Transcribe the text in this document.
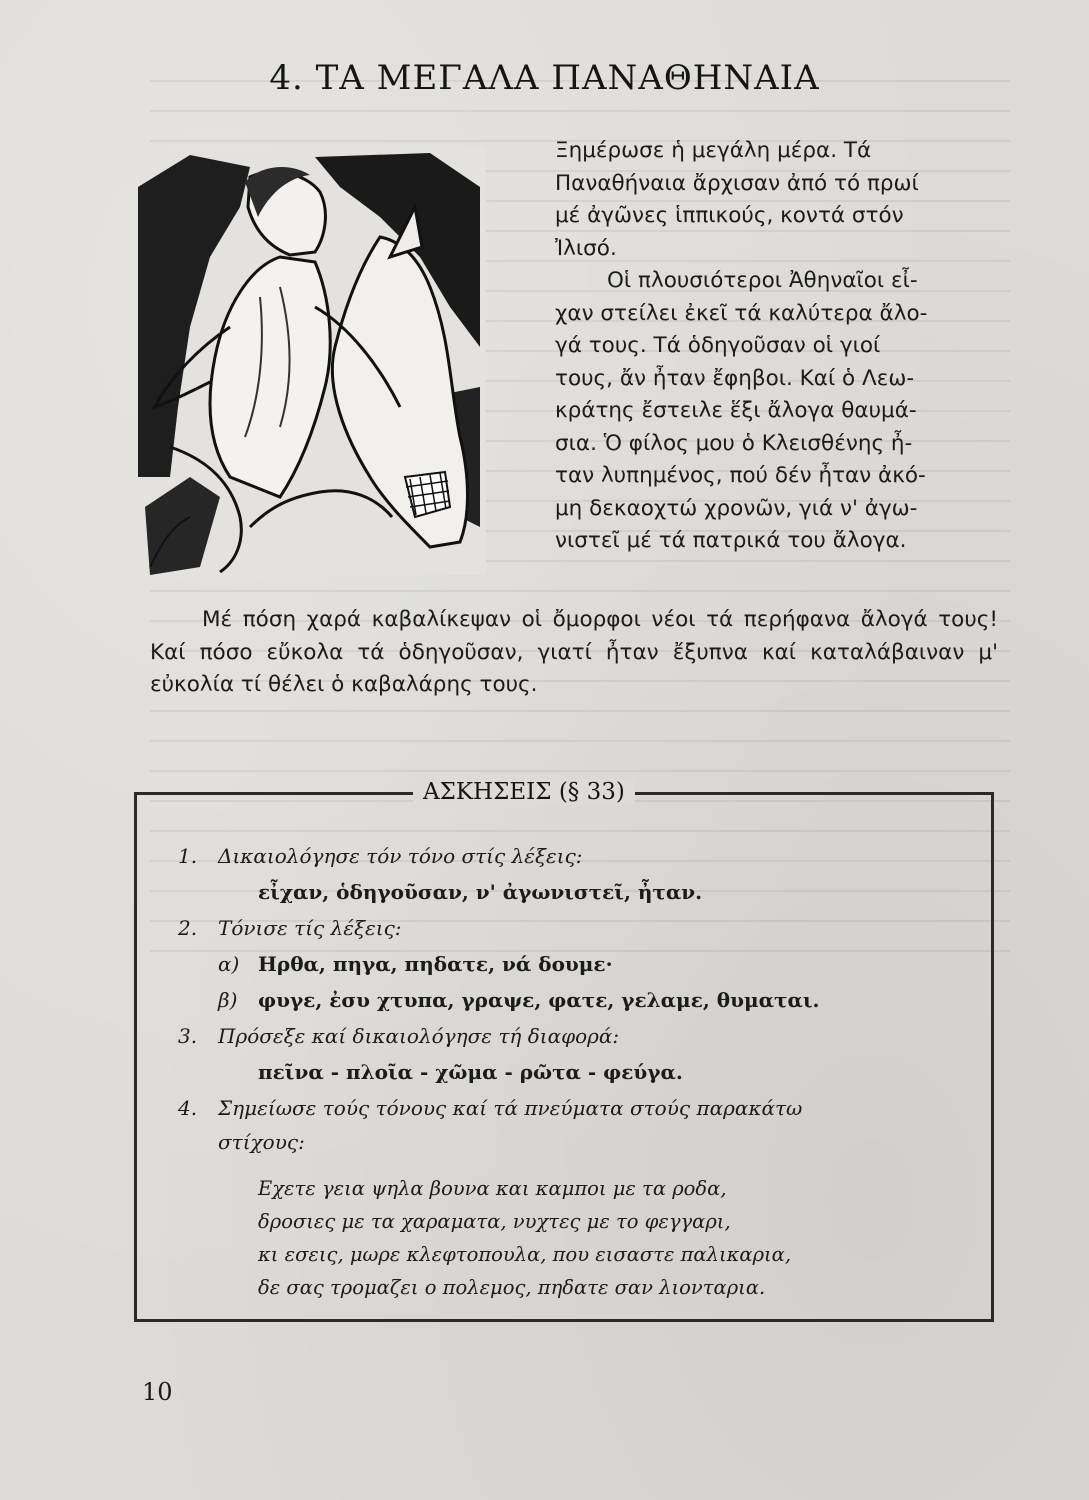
4. ΤΑ ΜΕΓΑΛΑ ΠΑΝΑΘΗΝΑΙΑ

Ξημέρωσε ἡ μεγάλη μέρα. Τά

Παναθήναια ἄρχισαν ἀπό τό πρωί

μέ ἀγῶνες ἱππικούς, κοντά στόν

Ἰλισό.

Οἱ πλουσιότεροι Ἀθηναῖοι εἶ-

χαν στείλει ἐκεῖ τά καλύτερα ἄλο-

γά τους. Τά ὁδηγοῦσαν οἱ γιοί

τους, ἄν ἦταν ἔφηβοι. Καί ὁ Λεω-

κράτης ἔστειλε ἕξι ἄλογα θαυμά-

σια. Ὁ φίλος μου ὁ Κλεισθένης ἦ-

ταν λυπημένος, πού δέν ἦταν ἀκό-

μη δεκαοχτώ χρονῶν, γιά ν' ἀγω-

νιστεῖ μέ τά πατρικά του ἄλογα.

Μέ πόση χαρά καβαλίκεψαν οἱ ὄμορφοι νέοι τά περήφανα ἄλογά τους! Καί πόσο εὔκολα τά ὁδηγοῦσαν, γιατί ἦταν ἔξυπνα καί καταλάβαιναν μ' εὐκολία τί θέλει ὁ καβαλάρης τους.

ΑΣΚΗΣΕΙΣ (§ 33)
1. Δικαιολόγησε τόν τόνο στίς λέξεις:
εἶχαν, ὁδηγοῦσαν, ν' ἀγωνιστεῖ, ἦταν.
2. Τόνισε τίς λέξεις:
α) Ηρθα, πηγα, πηδατε, νά δουμε·
β) φυγε, ἐσυ χτυπα, γραψε, φατε, γελαμε, θυμαται.
3. Πρόσεξε καί δικαιολόγησε τή διαφορά:
πεῖνα - πλοῖα - χῶμα - ρῶτα - φεύγα.
4. Σημείωσε τούς τόνους καί τά πνεύματα στούς παρακάτω
στίχους:
Εχετε γεια ψηλα βουνα και καμποι με τα ροδα,
δροσιες με τα χαραματα, νυχτες με το φεγγαρι,
κι εσεις, μωρε κλεφτοπουλα, που εισαστε παλικαρια,
δε σας τρομαζει ο πολεμος, πηδατε σαν λιονταρια.
10
